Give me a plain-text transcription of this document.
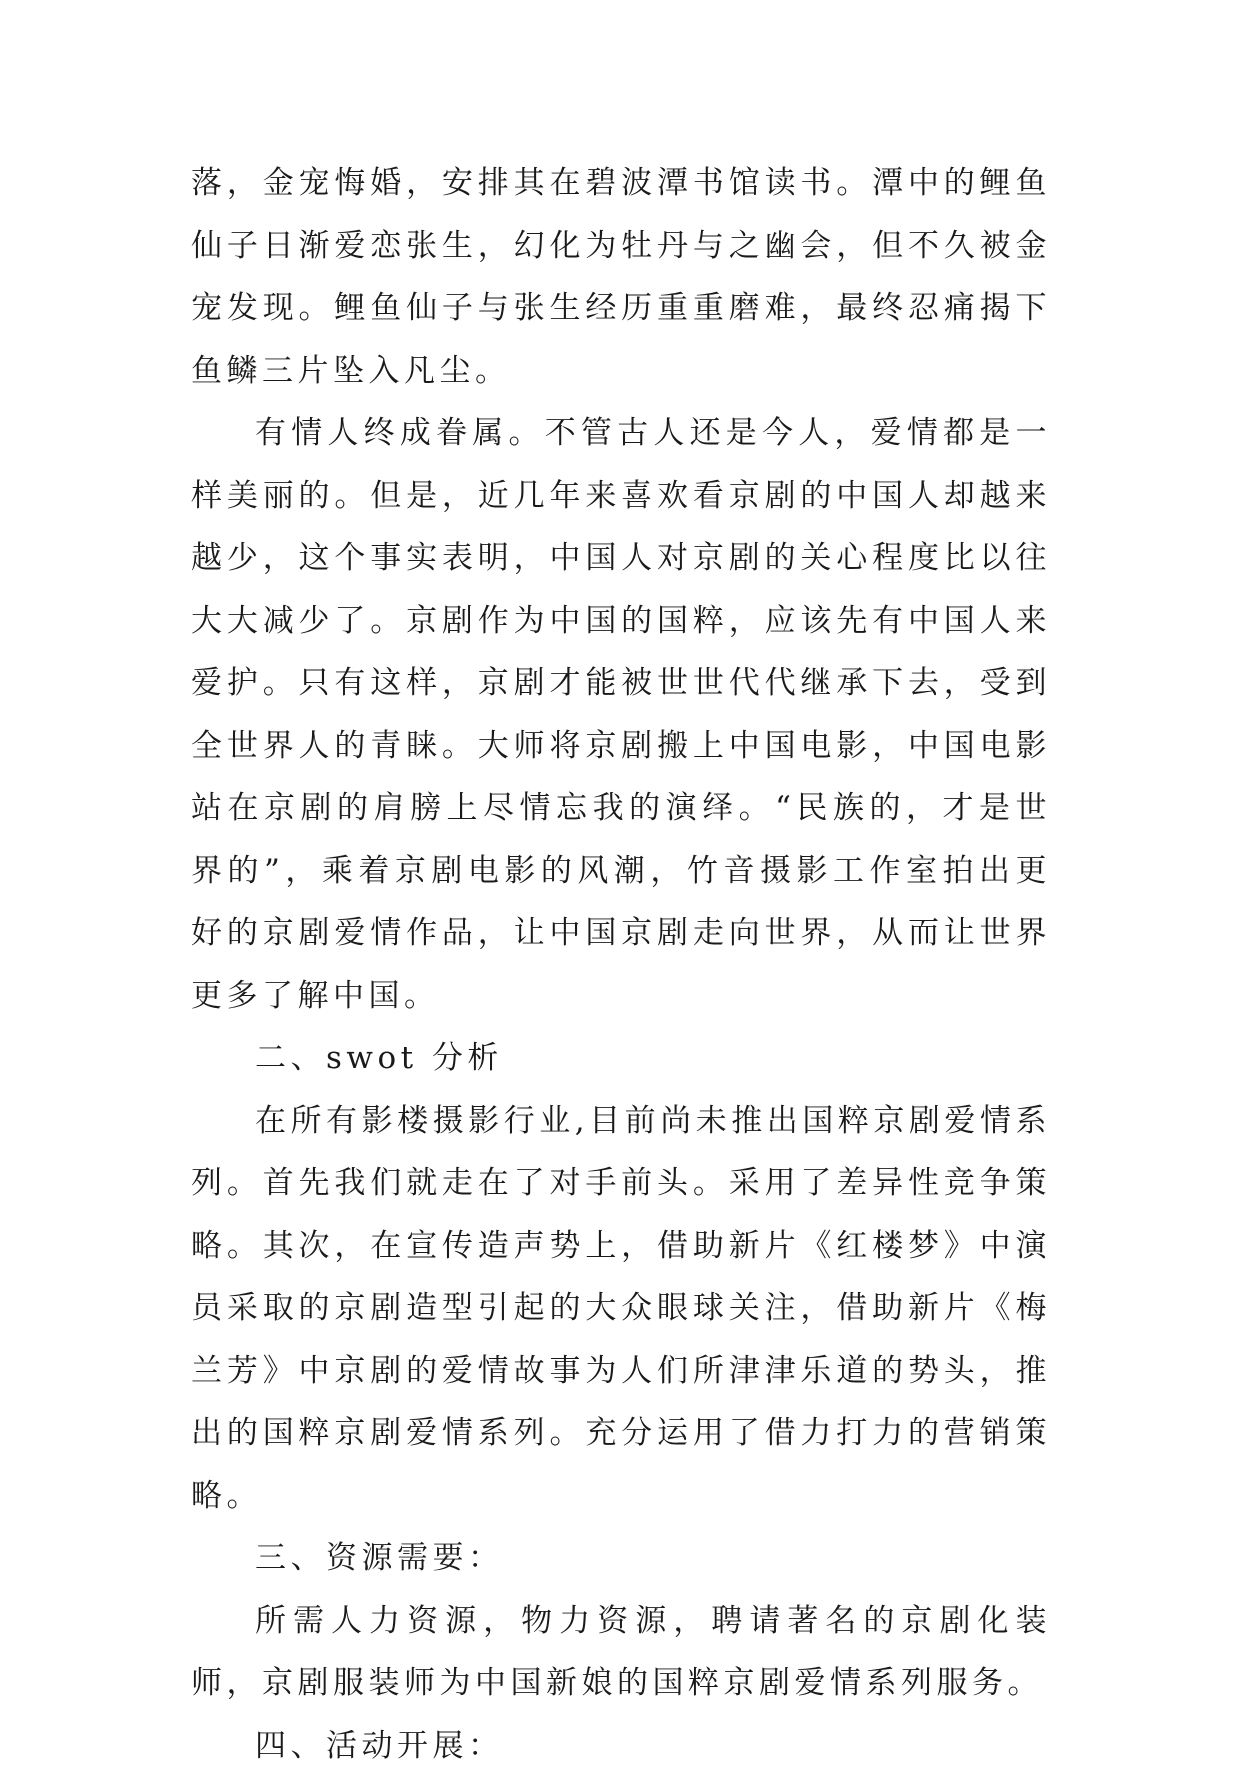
落，金宠悔婚，安排其在碧波潭书馆读书。潭中的鲤鱼仙子日渐爱恋张生，幻化为牡丹与之幽会，但不久被金宠发现。鲤鱼仙子与张生经历重重磨难，最终忍痛揭下鱼鳞三片坠入凡尘。

有情人终成眷属。不管古人还是今人，爱情都是一样美丽的。但是，近几年来喜欢看京剧的中国人却越来越少，这个事实表明，中国人对京剧的关心程度比以往大大减少了。京剧作为中国的国粹，应该先有中国人来爱护。只有这样，京剧才能被世世代代继承下去，受到全世界人的青睐。大师将京剧搬上中国电影，中国电影站在京剧的肩膀上尽情忘我的演绎。“民族的，才是世界的”，乘着京剧电影的风潮，竹音摄影工作室拍出更好的京剧爱情作品，让中国京剧走向世界，从而让世界更多了解中国。

二、swot 分析

在所有影楼摄影行业,目前尚未推出国粹京剧爱情系列。首先我们就走在了对手前头。采用了差异性竞争策略。其次，在宣传造声势上，借助新片《红楼梦》中演员采取的京剧造型引起的大众眼球关注，借助新片《梅兰芳》中京剧的爱情故事为人们所津津乐道的势头，推出的国粹京剧爱情系列。充分运用了借力打力的营销策略。

三、资源需要：

所需人力资源，物力资源，聘请著名的京剧化装师，京剧服装师为中国新娘的国粹京剧爱情系列服务。

四、活动开展：
